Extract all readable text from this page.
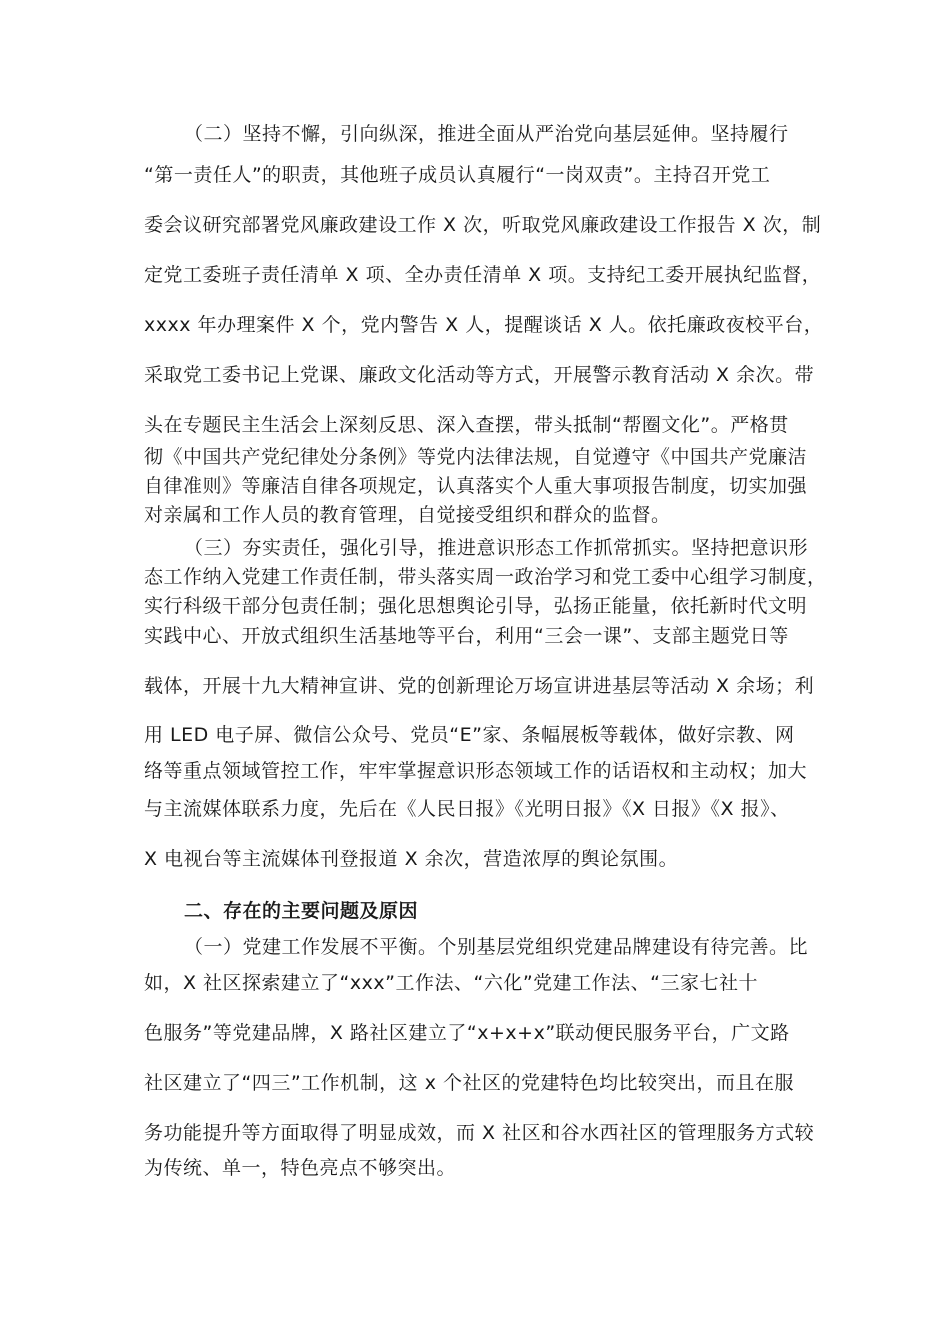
（二）坚持不懈，引向纵深，推进全面从严治党向基层延伸。坚持履行
“第一责任人”的职责，其他班子成员认真履行“一岗双责”。主持召开党工
委会议研究部署党风廉政建设工作 X 次，听取党风廉政建设工作报告 X 次，制
定党工委班子责任清单 X 项、全办责任清单 X 项。支持纪工委开展执纪监督，
xxxx 年办理案件 X 个，党内警告 X 人，提醒谈话 X 人。依托廉政夜校平台，
采取党工委书记上党课、廉政文化活动等方式，开展警示教育活动 X 余次。带
头在专题民主生活会上深刻反思、深入查摆，带头抵制“帮圈文化”。严格贯
彻《中国共产党纪律处分条例》等党内法律法规，自觉遵守《中国共产党廉洁
自律准则》等廉洁自律各项规定，认真落实个人重大事项报告制度，切实加强
对亲属和工作人员的教育管理，自觉接受组织和群众的监督。
（三）夯实责任，强化引导，推进意识形态工作抓常抓实。坚持把意识形
态工作纳入党建工作责任制，带头落实周一政治学习和党工委中心组学习制度，
实行科级干部分包责任制；强化思想舆论引导，弘扬正能量，依托新时代文明
实践中心、开放式组织生活基地等平台，利用“三会一课”、支部主题党日等
载体，开展十九大精神宣讲、党的创新理论万场宣讲进基层等活动 X 余场；利
用 LED 电子屏、微信公众号、党员“E”家、条幅展板等载体，做好宗教、网
络等重点领域管控工作，牢牢掌握意识形态领域工作的话语权和主动权；加大
与主流媒体联系力度，先后在《人民日报》《光明日报》《X 日报》《X 报》、
X 电视台等主流媒体刊登报道 X 余次，营造浓厚的舆论氛围。
二、存在的主要问题及原因
（一）党建工作发展不平衡。个别基层党组织党建品牌建设有待完善。比
如，X 社区探索建立了“xxx”工作法、“六化”党建工作法、“三家七社十
色服务”等党建品牌，X 路社区建立了“x+x+x”联动便民服务平台，广文路
社区建立了“四三”工作机制，这 x 个社区的党建特色均比较突出，而且在服
务功能提升等方面取得了明显成效，而 X 社区和谷水西社区的管理服务方式较
为传统、单一，特色亮点不够突出。
